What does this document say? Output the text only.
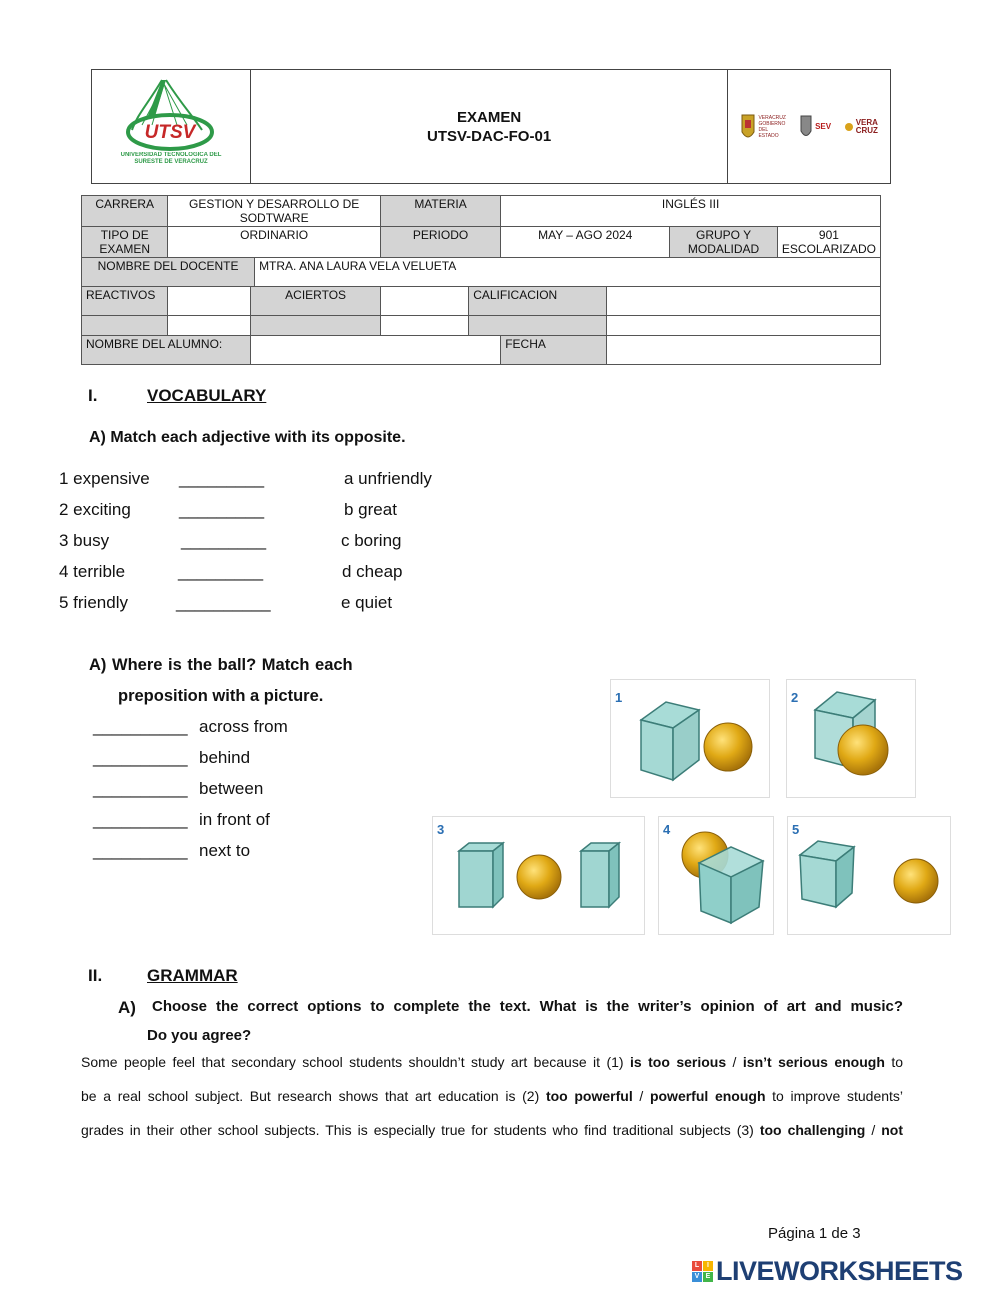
UTSV
UNIVERSIDAD TECNOLÓGICA DEL SURESTE DE VERACRUZ

EXAMEN
UTSV-DAC-FO-01

VERACRUZ GOBIERNO DEL ESTADO
SEV	VERA CRUZ
CARRERA	GESTION Y DESARROLLO DE SODTWARE			MATERIA		INGLÉS III			
TIPO DE EXAMEN	ORDINARIO			PERIODO		MAY – AGO 2024		GRUPO Y MODALIDAD	901 ESCOLARIZADO
NOMBRE DEL DOCENTE			MTRA. ANA LAURA VELA VELUETA						
REACTIVOS		ACIERTOS			CALIFICACION				

NOMBRE DEL ALUMNO:						FECHA			
I.	VOCABULARY
A) Match each adjective with its opposite.
1 expensive _________	a unfriendly
2 exciting	_________	b great
3 busy	_________	c boring
4 terrible	_________	d cheap
5 friendly	__________	e quiet
A) Where is the ball? Match each
preposition with a picture.
__________ across from
__________ behind
__________ between
__________ in front of
__________ next to
1	2
3	4	5
II.	GRAMMAR
A) Choose the correct options to complete the text. What is the writer’s opinion of art and music?
Do you agree?
Some people feel that secondary school students shouldn’t study art because it (1) is too serious / isn’t serious enough to
be a real school subject. But research shows that art education is (2) too powerful / powerful enough to improve students’
grades in their other school subjects. This is especially true for students who find traditional subjects (3) too challenging / not
Página 1 de 3
L	I
V E LIVEWORKSHEETS
